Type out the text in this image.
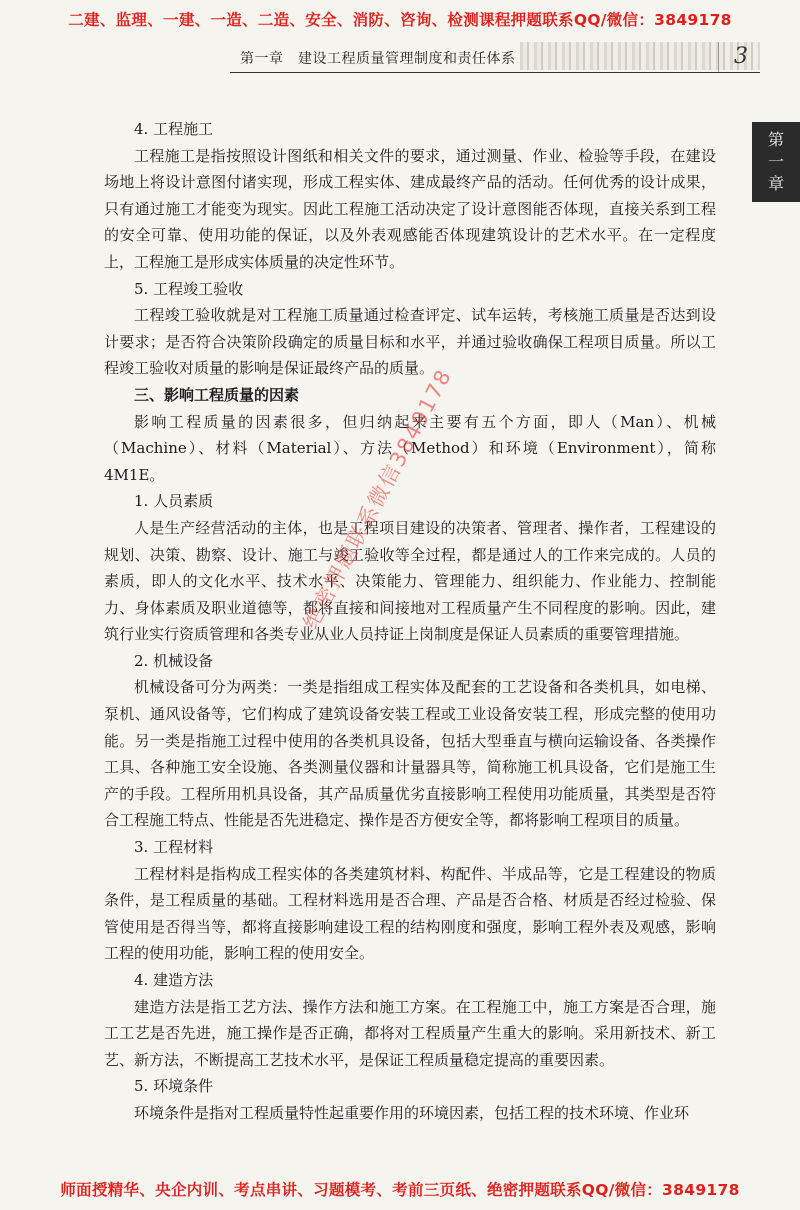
二建、监理、一建、一造、二造、安全、消防、咨询、检测课程押题联系QQ/微信：3849178
第一章　建设工程质量管理制度和责任体系	3
第
一
章

4. 工程施工

工程施工是指按照设计图纸和相关文件的要求，通过测量、作业、检验等手段，在建设场地上将设计意图付诸实现，形成工程实体、建成最终产品的活动。任何优秀的设计成果，只有通过施工才能变为现实。因此工程施工活动决定了设计意图能否体现，直接关系到工程的安全可靠、使用功能的保证，以及外表观感能否体现建筑设计的艺术水平。在一定程度上，工程施工是形成实体质量的决定性环节。

5. 工程竣工验收

工程竣工验收就是对工程施工质量通过检查评定、试车运转，考核施工质量是否达到设计要求；是否符合决策阶段确定的质量目标和水平，并通过验收确保工程项目质量。所以工程竣工验收对质量的影响是保证最终产品的质量。

三、影响工程质量的因素

影响工程质量的因素很多，但归纳起来主要有五个方面，即人（Man）、机械（Machine）、材料（Material）、方法（Method）和环境（Environment），简称4M1E。

1. 人员素质

人是生产经营活动的主体，也是工程项目建设的决策者、管理者、操作者，工程建设的规划、决策、勘察、设计、施工与竣工验收等全过程，都是通过人的工作来完成的。人员的素质，即人的文化水平、技术水平、决策能力、管理能力、组织能力、作业能力、控制能力、身体素质及职业道德等，都将直接和间接地对工程质量产生不同程度的影响。因此，建筑行业实行资质管理和各类专业从业人员持证上岗制度是保证人员素质的重要管理措施。

2. 机械设备

机械设备可分为两类：一类是指组成工程实体及配套的工艺设备和各类机具，如电梯、泵机、通风设备等，它们构成了建筑设备安装工程或工业设备安装工程，形成完整的使用功能。另一类是指施工过程中使用的各类机具设备，包括大型垂直与横向运输设备、各类操作工具、各种施工安全设施、各类测量仪器和计量器具等，简称施工机具设备，它们是施工生产的手段。工程所用机具设备，其产品质量优劣直接影响工程使用功能质量，其类型是否符合工程施工特点、性能是否先进稳定、操作是否方便安全等，都将影响工程项目的质量。

3. 工程材料

工程材料是指构成工程实体的各类建筑材料、构配件、半成品等，它是工程建设的物质条件，是工程质量的基础。工程材料选用是否合理、产品是否合格、材质是否经过检验、保管使用是否得当等，都将直接影响建设工程的结构刚度和强度，影响工程外表及观感，影响工程的使用功能，影响工程的使用安全。

4. 建造方法

建造方法是指工艺方法、操作方法和施工方案。在工程施工中，施工方案是否合理，施工工艺是否先进，施工操作是否正确，都将对工程质量产生重大的影响。采用新技术、新工艺、新方法，不断提高工艺技术水平，是保证工程质量稳定提高的重要因素。

5. 环境条件

环境条件是指对工程质量特性起重要作用的环境因素，包括工程的技术环境、作业环

绝密押题联系微信3849178
师面授精华、央企内训、考点串讲、习题模考、考前三页纸、绝密押题联系QQ/微信：3849178
